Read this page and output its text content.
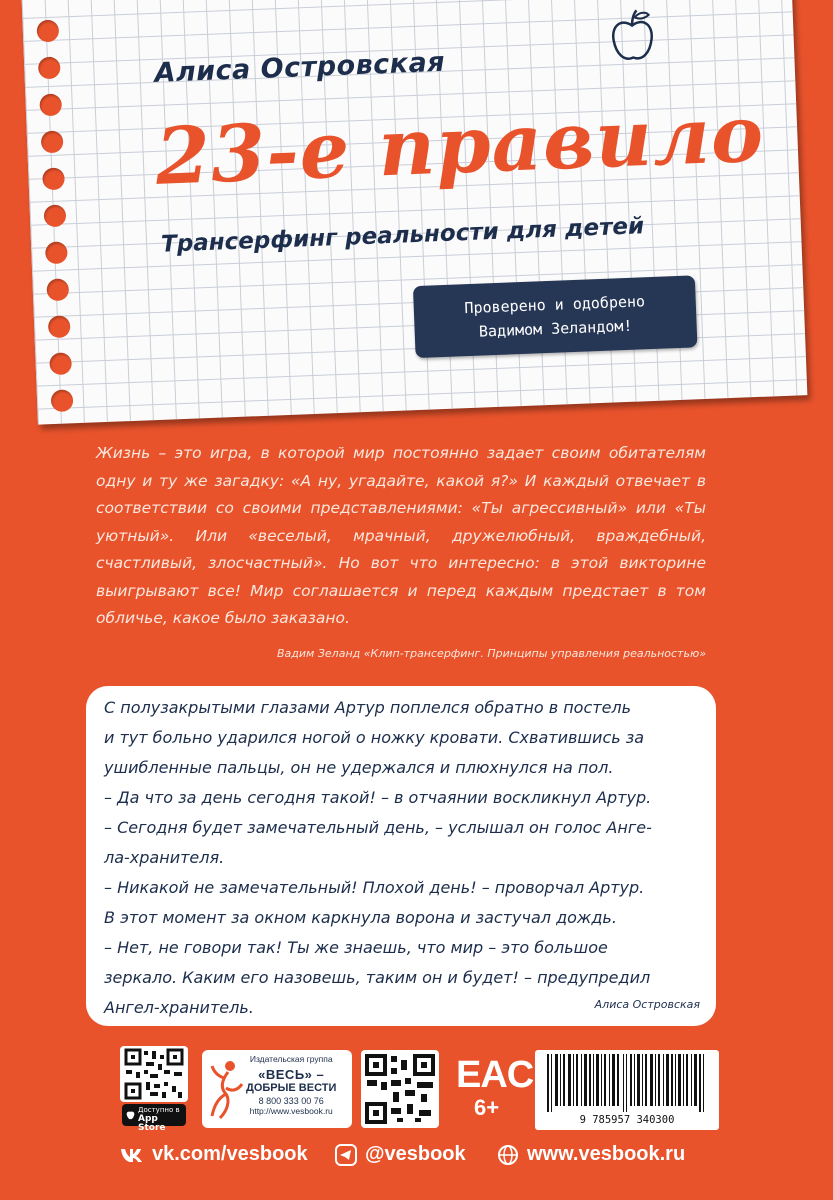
Алиса Островская
23-е правило
Трансерфинг реальности для детей
Проверено и одобрено
Вадимом Зеландом!

Жизнь – это игра, в которой мир постоянно задает своим обитателям одну и ту же загадку: «А ну, угадайте, какой я?» И каждый отвечает в соответствии со своими представлениями: «Ты агрессивный» или «Ты уютный». Или «веселый, мрачный, дружелюбный, враждебный, счастливый, злосчастный». Но вот что интересно: в этой викторине выигрывают все! Мир соглашается и перед каждым предстает в том обличье, какое было заказано.

Вадим Зеланд «Клип-трансерфинг. Принципы управления реальностью»
С полузакрытыми глазами Артур поплелся обратно в постель
и тут больно ударился ногой о ножку кровати. Схватившись за
ушибленные пальцы, он не удержался и плюхнулся на пол.
– Да что за день сегодня такой! – в отчаянии воскликнул Артур.
– Сегодня будет замечательный день, – услышал он голос Анге-
ла-хранителя.
– Никакой не замечательный! Плохой день! – проворчал Артур.
В этот момент за окном каркнула ворона и застучал дождь.
– Нет, не говори так! Ты же знаешь, что мир – это большое
зеркало. Каким его назовешь, таким он и будет! – предупредил
Ангел-хранитель.	Алиса Островская
Доступно в
App Store
Издательская группа
«ВЕСЬ» –
ДОБРЫЕ ВЕСТИ
8 800 333 00 76
http://www.vesbook.ru
EAC
6+	9 785957 340300
vk.com/vesbook	@vesbook	www.vesbook.ru
